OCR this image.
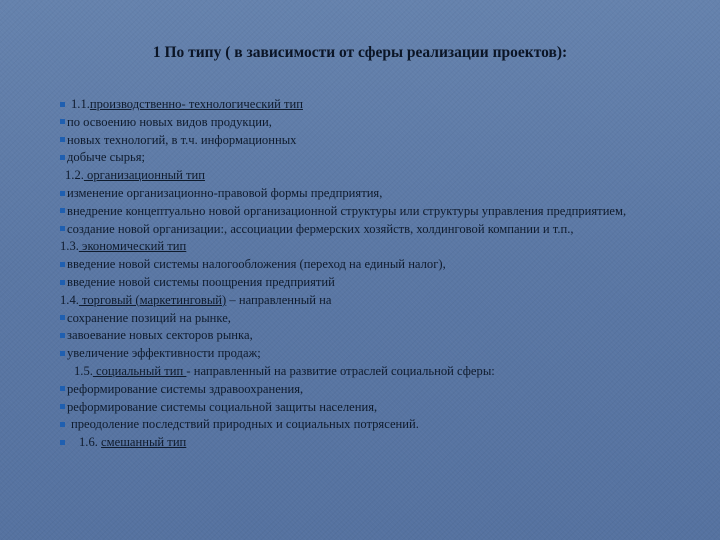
1 По типу ( в зависимости от сферы реализации проектов):
1.1.производственно- технологический тип
по освоению новых видов продукции,
новых технологий, в т.ч. информационных
добыче сырья;
1.2. организационный тип
изменение организационно-правовой формы предприятия,
внедрение концептуально новой организационной структуры или структуры управления предприятием,
создание новой организации:, ассоциации фермерских хозяйств, холдинговой компании и т.п.,
1.3. экономический тип
введение новой системы налогообложения (переход на единый налог),
введение новой системы поощрения предприятий
1.4. торговый (маркетинговый) – направленный на
сохранение позиций на рынке,
завоевание новых секторов рынка,
увеличение эффективности продаж;
1.5. социальный тип - направленный на развитие отраслей социальной сферы:
реформирование системы здравоохранения,
реформирование системы социальной защиты населения,
преодоление последствий природных и социальных потрясений.
1.6. смешанный тип
